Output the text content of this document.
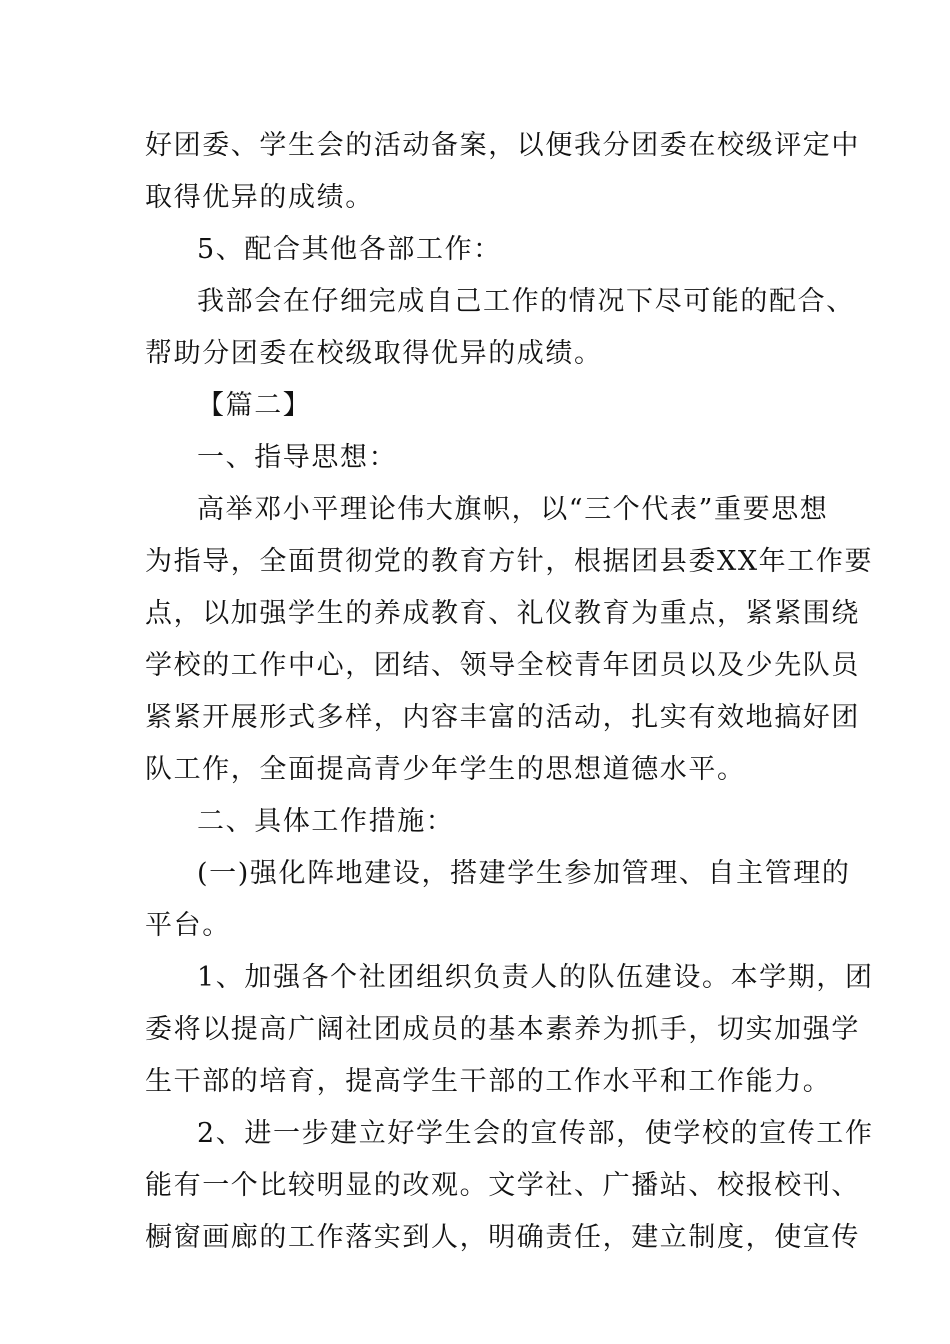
好团委、学生会的活动备案，以便我分团委在校级评定中
取得优异的成绩。
5、配合其他各部工作：
我部会在仔细完成自己工作的情况下尽可能的配合、
帮助分团委在校级取得优异的成绩。
【篇二】
一、指导思想：
高举邓小平理论伟大旗帜，以“三个代表”重要思想
为指导，全面贯彻党的教育方针，根据团县委XX年工作要
点，以加强学生的养成教育、礼仪教育为重点，紧紧围绕
学校的工作中心，团结、领导全校青年团员以及少先队员
紧紧开展形式多样，内容丰富的活动，扎实有效地搞好团
队工作，全面提高青少年学生的思想道德水平。
二、具体工作措施：
(一)强化阵地建设，搭建学生参加管理、自主管理的
平台。
1、加强各个社团组织负责人的队伍建设。本学期，团
委将以提高广阔社团成员的基本素养为抓手，切实加强学
生干部的培育，提高学生干部的工作水平和工作能力。
2、进一步建立好学生会的宣传部，使学校的宣传工作
能有一个比较明显的改观。文学社、广播站、校报校刊、
橱窗画廊的工作落实到人，明确责任，建立制度，使宣传
